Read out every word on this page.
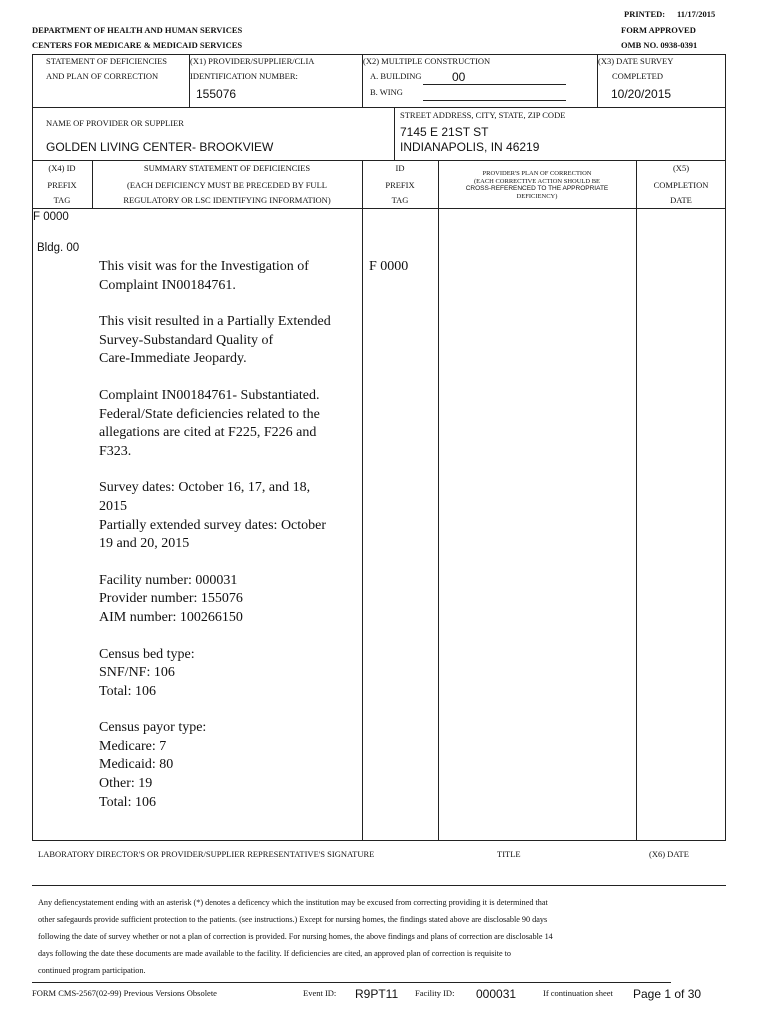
PRINTED: 11/17/2015
FORM APPROVED
OMB NO. 0938-0391
DEPARTMENT OF HEALTH AND HUMAN SERVICES
CENTERS FOR MEDICARE & MEDICAID SERVICES
STATEMENT OF DEFICIENCIES
AND PLAN OF CORRECTION
(X1) PROVIDER/SUPPLIER/CLIA
IDENTIFICATION NUMBER:
155076
(X2) MULTIPLE CONSTRUCTION
A. BUILDING	00
B. WING
(X3) DATE SURVEY
COMPLETED
10/20/2015
NAME OF PROVIDER OR SUPPLIER
GOLDEN LIVING CENTER- BROOKVIEW
STREET ADDRESS, CITY, STATE, ZIP CODE
7145 E 21ST ST
INDIANAPOLIS, IN 46219
(X4) ID
PREFIX
TAG
SUMMARY STATEMENT OF DEFICIENCIES
(EACH DEFICIENCY MUST BE PRECEDED BY FULL
REGULATORY OR LSC IDENTIFYING INFORMATION)
ID
PREFIX
TAG
PROVIDER'S PLAN OF CORRECTION
(EACH CORRECTIVE ACTION SHOULD BE
CROSS-REFERENCED TO THE APPROPRIATE
DEFICIENCY)
(X5)
COMPLETION
DATE
F 0000
Bldg. 00
F 0000
This visit was for the Investigation of
Complaint IN00184761.
This visit resulted in a Partially Extended
Survey-Substandard Quality of
Care-Immediate Jeopardy.
Complaint IN00184761- Substantiated.
Federal/State deficiencies related to the
allegations are cited at F225, F226 and
F323.
Survey dates: October 16, 17, and 18,
2015
Partially extended survey dates: October
19 and 20, 2015
Facility number: 000031
Provider number: 155076
AIM number: 100266150
Census bed type:
SNF/NF: 106
Total: 106
Census payor type:
Medicare: 7
Medicaid: 80
Other: 19
Total: 106
LABORATORY DIRECTOR'S OR PROVIDER/SUPPLIER REPRESENTATIVE'S SIGNATURE	TITLE	(X6) DATE
Any defiencystatement ending with an asterisk (*) denotes a deficency which the institution may be excused from correcting providing it is determined that
other safegaurds provide sufficient protection to the patients. (see instructions.) Except for nursing homes, the findings stated above are disclosable 90 days
following the date of survey whether or not a plan of correction is provided. For nursing homes, the above findings and plans of correction are disclosable 14
days following the date these documents are made available to the facility. If deficiencies are cited, an approved plan of correction is requisite to
continued program participation.
FORM CMS-2567(02-99) Previous Versions Obsolete	Event ID: R9PT11 Facility ID: 000031	If continuation sheet Page 1 of 30
